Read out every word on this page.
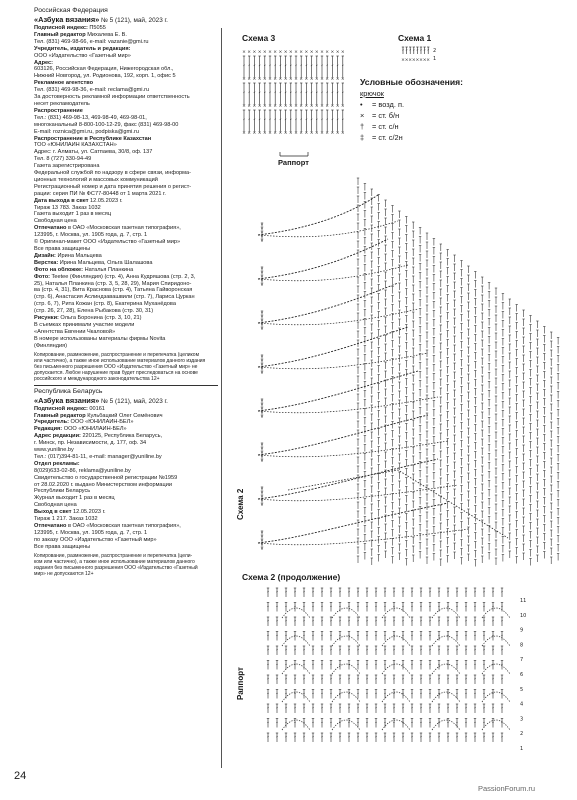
Российская Федерация
«Азбука вязания» № 5 (121), май, 2023 г.
Подписной индекс: П5055
Главный редактор Михалева Е. В.
Тел. (831) 469-98-66, e-mail: vazanie@gmi.ru
Учредитель, издатель и редакция:
ООО «Издательство «Газетный мир»
Адрес:
603126, Российская Федерация, Нижегородская обл.,
Нижний Новгород, ул. Родионова, 192, корп. 1, офис 5
Рекламное агентство
Тел. (831) 469-98-36, e-mail: reclama@gmi.ru
За достоверность рекламной информации ответственность
несет рекламодатель
Распространение
Тел.: (831) 469-98-13, 469-98-49, 469-98-01,
многоканальный 8-800-100-12-29, факс (831) 469-98-00
E-mail: roznica@gmi.ru, podpiska@gmi.ru
Распространение в Республике Казахстан
ТОО «ЮНИЛАЙН КАЗАХСТАН»
Адрес: г. Алматы, ул. Сатпаева, 30/8, оф. 137
Тел. 8 (727) 330-94-49
Газета зарегистрирована
Федеральной службой по надзору в сфере связи, информа-
ционных технологий и массовых коммуникаций
Регистрационный номер и дата принятия решения о регист-
рации: серия ПИ № ФС77-80448 от 1 марта 2021 г.
Дата выхода в свет 12.05.2023 г.
Тираж 13 783. Заказ 1032
Газета выходит 1 раз в месяц
Свободная цена
Отпечатано в ОАО «Московская газетная типография»,
123995, г. Москва, ул. 1905 года, д. 7, стр. 1
© Оригинал-макет ООО «Издательство «Газетный мир»
Все права защищены
Дизайн: Ирина Мальцева
Верстка: Ирина Мальцева, Ольга Шалашова
Фото на обложке: Наталья Планкина
Фото: Teetee (Финляндия) (стр. 4), Анна Кудряшова (стр. 2, 3,
25), Наталья Планкина (стр. 3, 5, 28, 29), Мария Спиридоно-
ва (стр. 4, 31), Вита Краснова (стр. 4), Татьяна Гайворонская
(стр. 6), Анастасия Аслиндзавашвили (стр. 7), Лариса Цуркан
(стр. 6, 7), Рита Кожан (стр. 8), Екатерина Муханёдова
(стр. 26, 27, 28), Елена Рыбакова (стр. 30, 31)
Рисунки: Ольга Боронина (стр. 3, 10, 21)
В съемках принимали участие модели
«Агентства Евгении Чкаловой»
В номере использованы материалы фирмы Novita
(Финляндия)
Копирование, размножение, распространение и перепечатка (целиком
или частично), а также иное использование материалов данного издания
без письменного разрешения ООО «Издательство «Газетный мир» не
допускается. Любое нарушение прав будет преследоваться на основе
российского и международного законодательства 12+
Республика Беларусь
«Азбука вязания» № 5 (121), май, 2023 г.
Подписной индекс: 00161
Главный редактор Кульбацкий Олег Семёнович
Учредитель: ООО «ЮНИЛАЙН-БЕЛ»
Редакция: ООО «ЮНИЛАЙН-БЕЛ»
Адрес редакции: 220125, Республика Беларусь,
г. Минск, пр. Независимости, д. 177, оф. 34
www.yuniline.by
Тел.: (017)394-81-11, e-mail: manager@yuniline.by
Отдел рекламы:
8(029)633-02-86, reklama@yuniline.by
Свидетельство о государственной регистрации №1959
от 28.02.2020 г. выдано Министерством информации
Республики Беларусь
Журнал выходит 1 раз в месяц
Свободная цена
Выход в свет 12.05.2023 г.
Тираж 1 217. Заказ 1032
Отпечатано в ОАО «Московская газетная типография»,
123995, г. Москва, ул. 1905 года, д. 7, стр. 1
по заказу ООО «Издательство «Газетный мир»
Все права защищены
Копирование, размножение, распространение и перепечатка (цели-
ком или частично), а также иное использование материалов данного
издания без письменного разрешения ООО «Издательство «Газетный
мир» не допускаются 12+
Схема 3	Схема 1
Схема 2 (продолжение)
Схема 2
Раппорт
Раппорт
Условные обозначения:
крючок
• = возд. п.
× = ст. б/н
† = ст. с/н
‡ = ст. с/2н
× × × × × × × × × × × × × × × × × × × ×
× × × × × × × × × × × × × × × × × × × ×
× × × × × × × × × × × × × × × × × × × ×
× × × × × × × × × × × × × × × × × × × ×
× × × × × × × ×
2
1
1
2
3
4
5
6
7
8
9
10
11
24
PassionForum.ru
